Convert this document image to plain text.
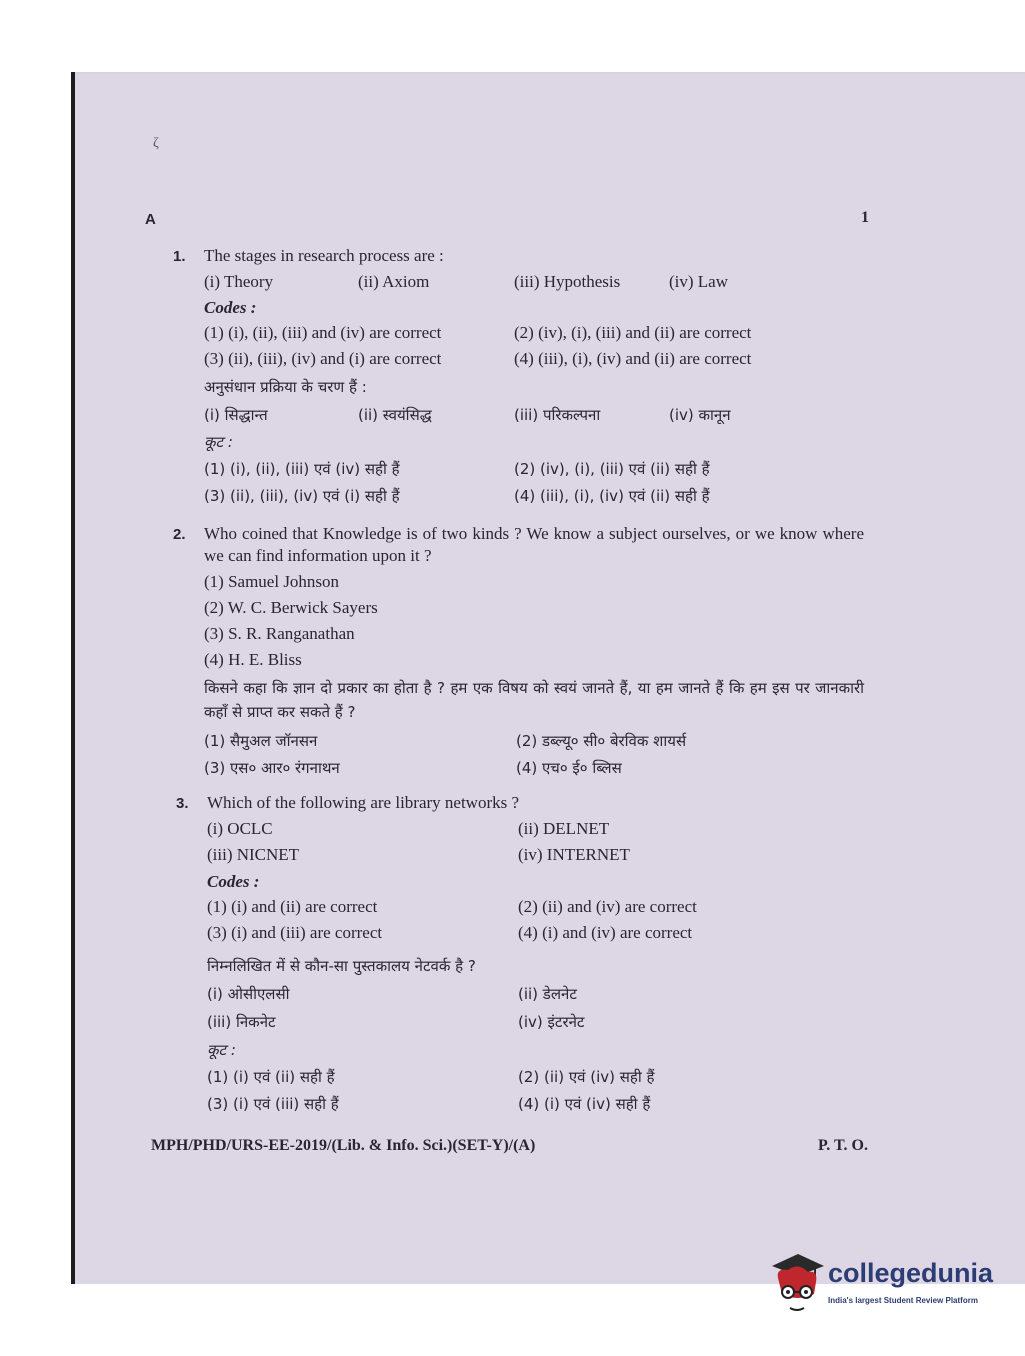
ζ
A	1
1. The stages in research process are :
(i) Theory	(ii) Axiom	(iii) Hypothesis	(iv) Law
Codes :
(1) (i), (ii), (iii) and (iv) are correct	(2) (iv), (i), (iii) and (ii) are correct
(3) (ii), (iii), (iv) and (i) are correct	(4) (iii), (i), (iv) and (ii) are correct
अनुसंधान प्रक्रिया के चरण हैं :
(i) सिद्धान्त	(ii) स्वयंसिद्ध	(iii) परिकल्पना	(iv) कानून
कूट :
(1) (i), (ii), (iii) एवं (iv) सही हैं	(2) (iv), (i), (iii) एवं (ii) सही हैं
(3) (ii), (iii), (iv) एवं (i) सही हैं	(4) (iii), (i), (iv) एवं (ii) सही हैं
2. Who coined that Knowledge is of two kinds ? We know a subject ourselves, or we know where we can find information upon it ?
(1) Samuel Johnson
(2) W. C. Berwick Sayers
(3) S. R. Ranganathan
(4) H. E. Bliss
किसने कहा कि ज्ञान दो प्रकार का होता है ? हम एक विषय को स्वयं जानते हैं, या हम जानते हैं कि हम इस पर जानकारी कहाँ से प्राप्त कर सकते हैं ?
(1) सैमुअल जॉनसन	(2) डब्ल्यू० सी० बेरविक शायर्स
(3) एस० आर० रंगनाथन	(4) एच० ई० ब्लिस
3. Which of the following are library networks ?
(i) OCLC	(ii) DELNET
(iii) NICNET	(iv) INTERNET
Codes :
(1) (i) and (ii) are correct	(2) (ii) and (iv) are correct
(3) (i) and (iii) are correct	(4) (i) and (iv) are correct
निम्नलिखित में से कौन-सा पुस्तकालय नेटवर्क है ?
(i) ओसीएलसी	(ii) डेलनेट
(iii) निकनेट	(iv) इंटरनेट
कूट :
(1) (i) एवं (ii) सही हैं	(2) (ii) एवं (iv) सही हैं
(3) (i) एवं (iii) सही हैं	(4) (i) एवं (iv) सही हैं
MPH/PHD/URS-EE-2019/(Lib. & Info. Sci.)(SET-Y)/(A)	P. T. O.
collegedunia
India's largest Student Review Platform
